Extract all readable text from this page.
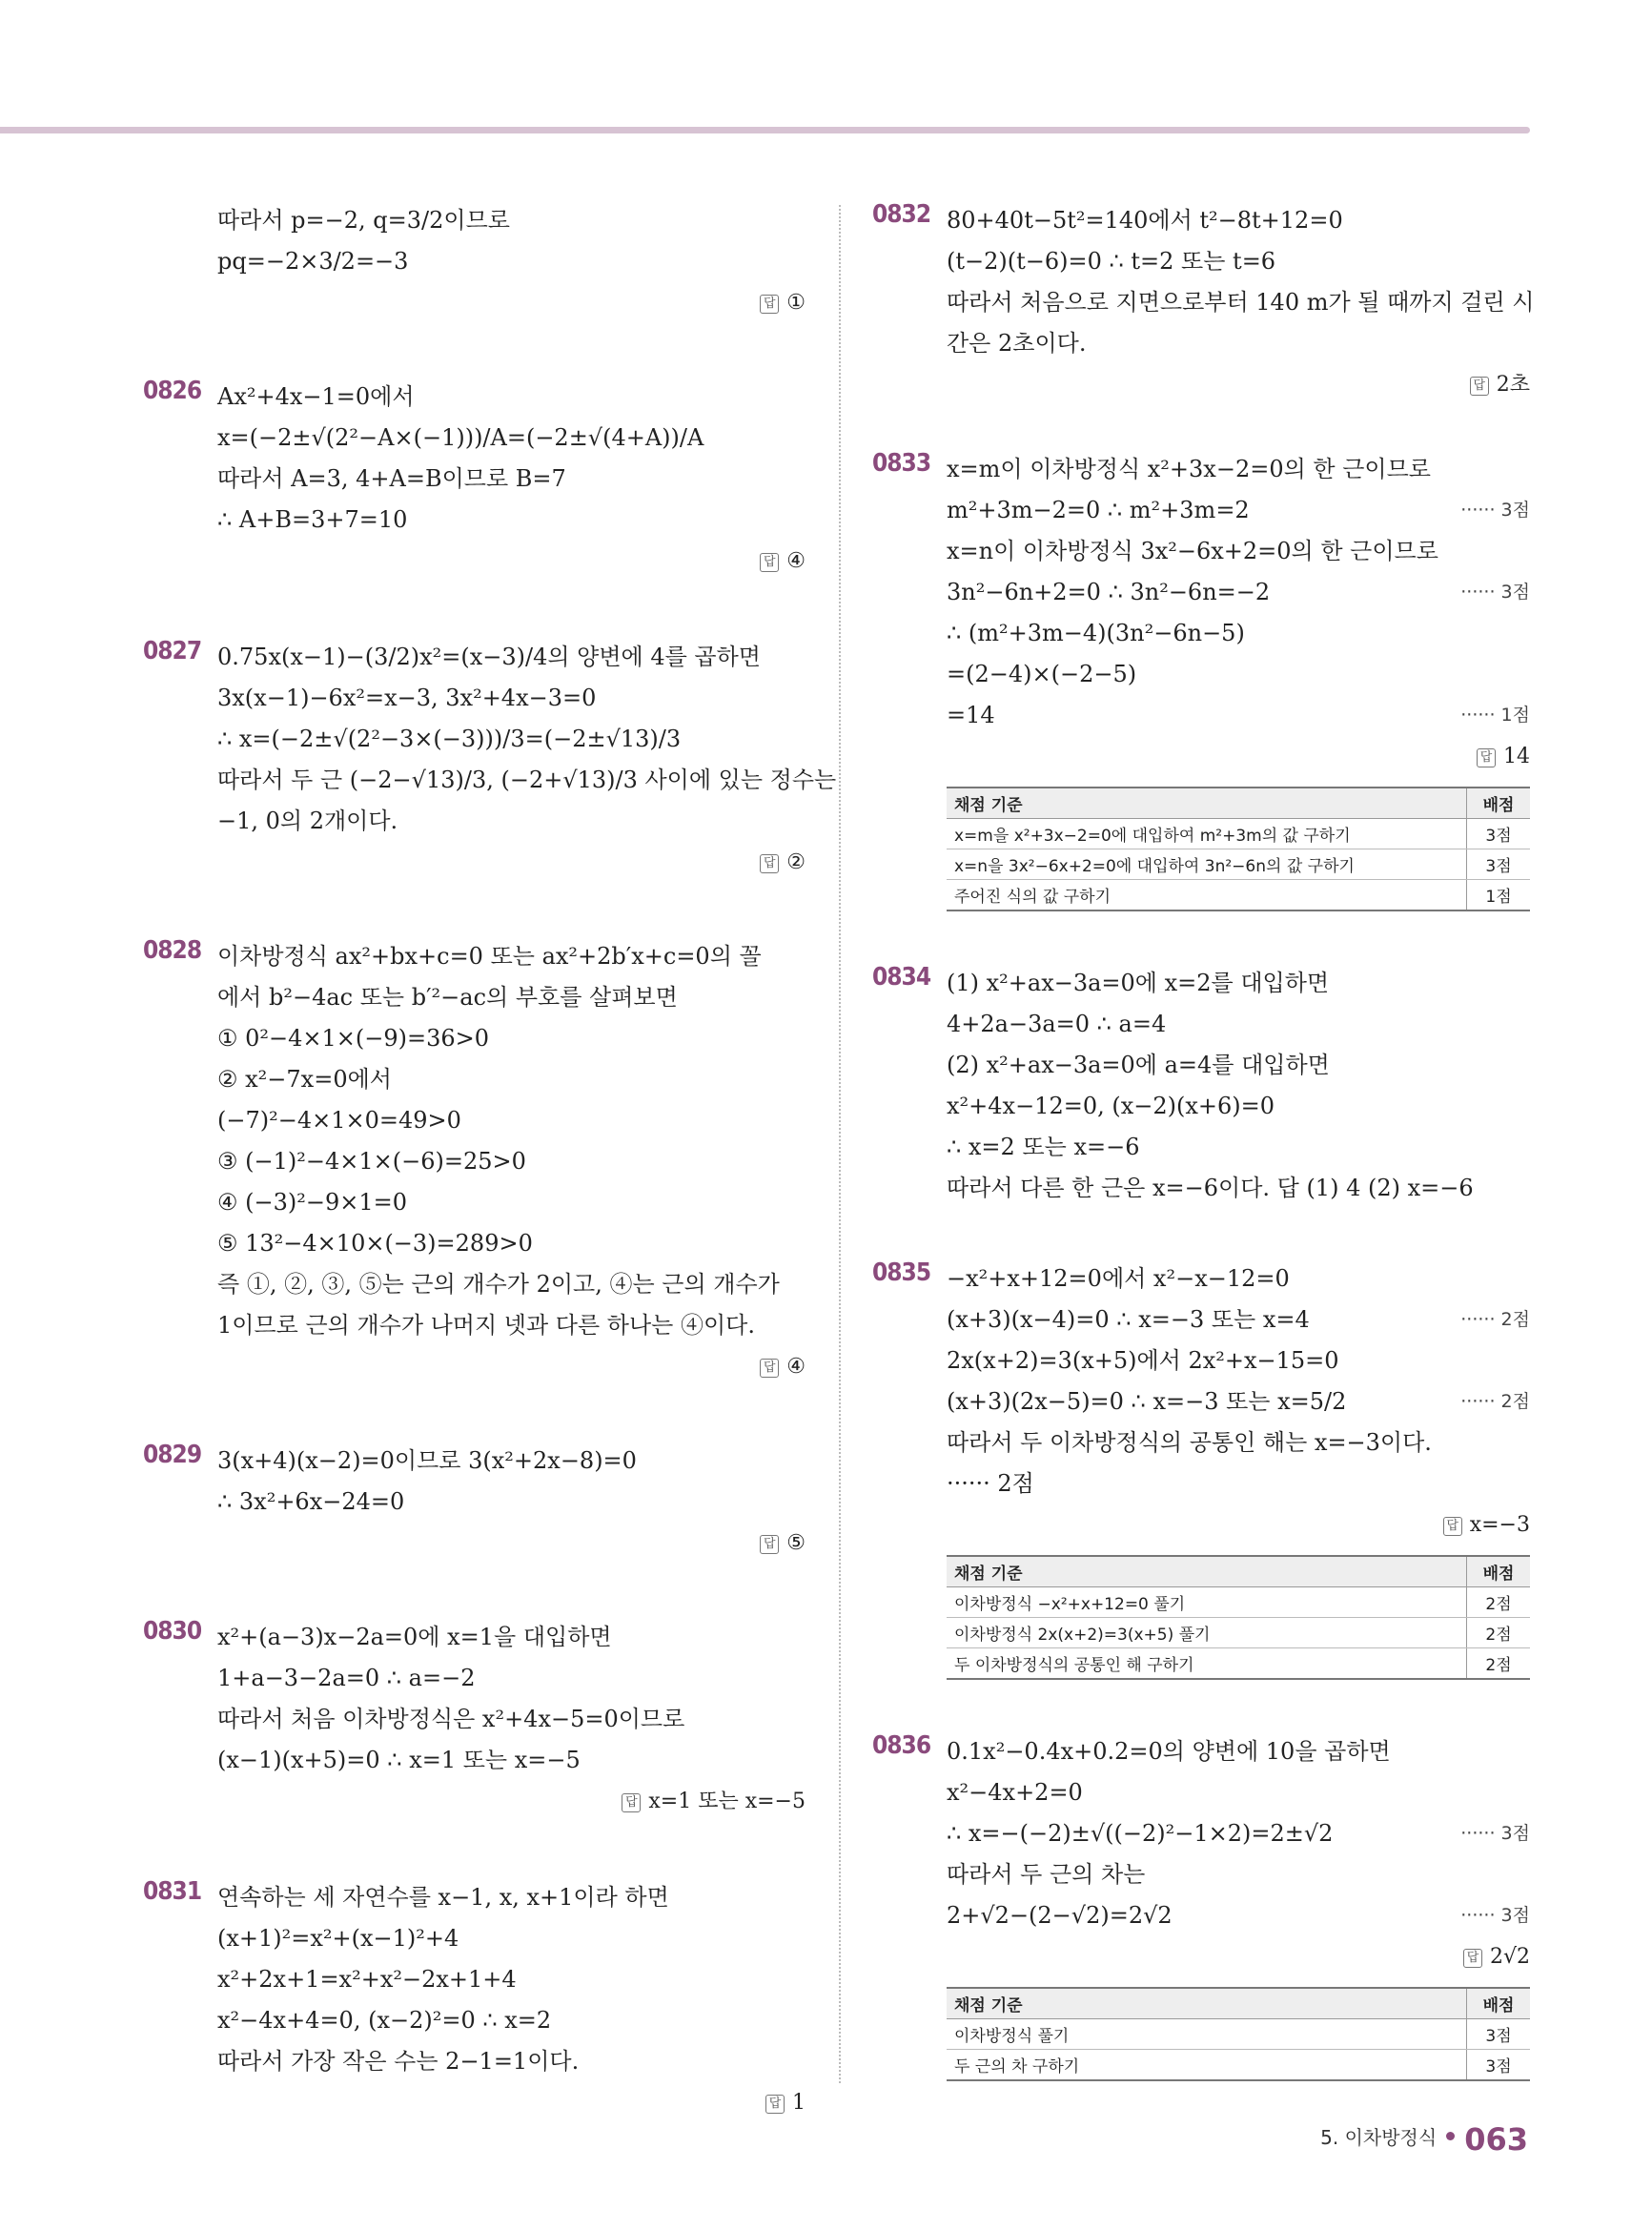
따라서 p=−2, q=3/2이므로
pq=−2×3/2=−3
답 ①
0826 Ax²+4x−1=0에서
x=(−2±√(2²−A×(−1)))/A=(−2±√(4+A))/A
따라서 A=3, 4+A=B이므로 B=7
∴ A+B=3+7=10
답 ④
0827 0.75x(x−1)−(3/2)x²=(x−3)/4의 양변에 4를 곱하면
3x(x−1)−6x²=x−3, 3x²+4x−3=0
∴ x=(−2±√(2²−3×(−3)))/3=(−2±√13)/3
따라서 두 근 (−2−√13)/3, (−2+√13)/3 사이에 있는 정수는
−1, 0의 2개이다.
답 ②
0828 이차방정식 ax²+bx+c=0 또는 ax²+2b′x+c=0의 꼴
에서 b²−4ac 또는 b′²−ac의 부호를 살펴보면
① 0²−4×1×(−9)=36>0
② x²−7x=0에서
(−7)²−4×1×0=49>0
③ (−1)²−4×1×(−6)=25>0
④ (−3)²−9×1=0
⑤ 13²−4×10×(−3)=289>0
즉 ①, ②, ③, ⑤는 근의 개수가 2이고, ④는 근의 개수가
1이므로 근의 개수가 나머지 넷과 다른 하나는 ④이다.
답 ④
0829 3(x+4)(x−2)=0이므로 3(x²+2x−8)=0
∴ 3x²+6x−24=0
답 ⑤
0830 x²+(a−3)x−2a=0에 x=1을 대입하면
1+a−3−2a=0 ∴ a=−2
따라서 처음 이차방정식은 x²+4x−5=0이므로
(x−1)(x+5)=0 ∴ x=1 또는 x=−5
답 x=1 또는 x=−5
0831 연속하는 세 자연수를 x−1, x, x+1이라 하면
(x+1)²=x²+(x−1)²+4
x²+2x+1=x²+x²−2x+1+4
x²−4x+4=0, (x−2)²=0 ∴ x=2
따라서 가장 작은 수는 2−1=1이다.
답 1
0832 80+40t−5t²=140에서 t²−8t+12=0
(t−2)(t−6)=0 ∴ t=2 또는 t=6
따라서 처음으로 지면으로부터 140 m가 될 때까지 걸린 시
간은 2초이다.
답 2초
0833 x=m이 이차방정식 x²+3x−2=0의 한 근이므로
m²+3m−2=0 ∴ m²+3m=2	······ 3점
x=n이 이차방정식 3x²−6x+2=0의 한 근이므로
3n²−6n+2=0 ∴ 3n²−6n=−2	······ 3점
∴ (m²+3m−4)(3n²−6n−5)
=(2−4)×(−2−5)
=14	······ 1점
답 14
채점 기준	배점
x=m을 x²+3x−2=0에 대입하여 m²+3m의 값 구하기	3점
x=n을 3x²−6x+2=0에 대입하여 3n²−6n의 값 구하기	3점
주어진 식의 값 구하기	1점
0834 (1) x²+ax−3a=0에 x=2를 대입하면
4+2a−3a=0 ∴ a=4
(2) x²+ax−3a=0에 a=4를 대입하면
x²+4x−12=0, (x−2)(x+6)=0
∴ x=2 또는 x=−6
따라서 다른 한 근은 x=−6이다. 답 (1) 4 (2) x=−6
0835 −x²+x+12=0에서 x²−x−12=0
(x+3)(x−4)=0 ∴ x=−3 또는 x=4	······ 2점
2x(x+2)=3(x+5)에서 2x²+x−15=0
(x+3)(2x−5)=0 ∴ x=−3 또는 x=5/2	······ 2점
따라서 두 이차방정식의 공통인 해는 x=−3이다.
······ 2점
답 x=−3
채점 기준	배점
이차방정식 −x²+x+12=0 풀기	2점
이차방정식 2x(x+2)=3(x+5) 풀기	2점
두 이차방정식의 공통인 해 구하기	2점
0836 0.1x²−0.4x+0.2=0의 양변에 10을 곱하면
x²−4x+2=0
∴ x=−(−2)±√((−2)²−1×2)=2±√2	······ 3점
따라서 두 근의 차는
2+√2−(2−√2)=2√2	······ 3점
답 2√2
채점 기준	배점
이차방정식 풀기	3점
두 근의 차 구하기	3점
5. 이차방정식 063
